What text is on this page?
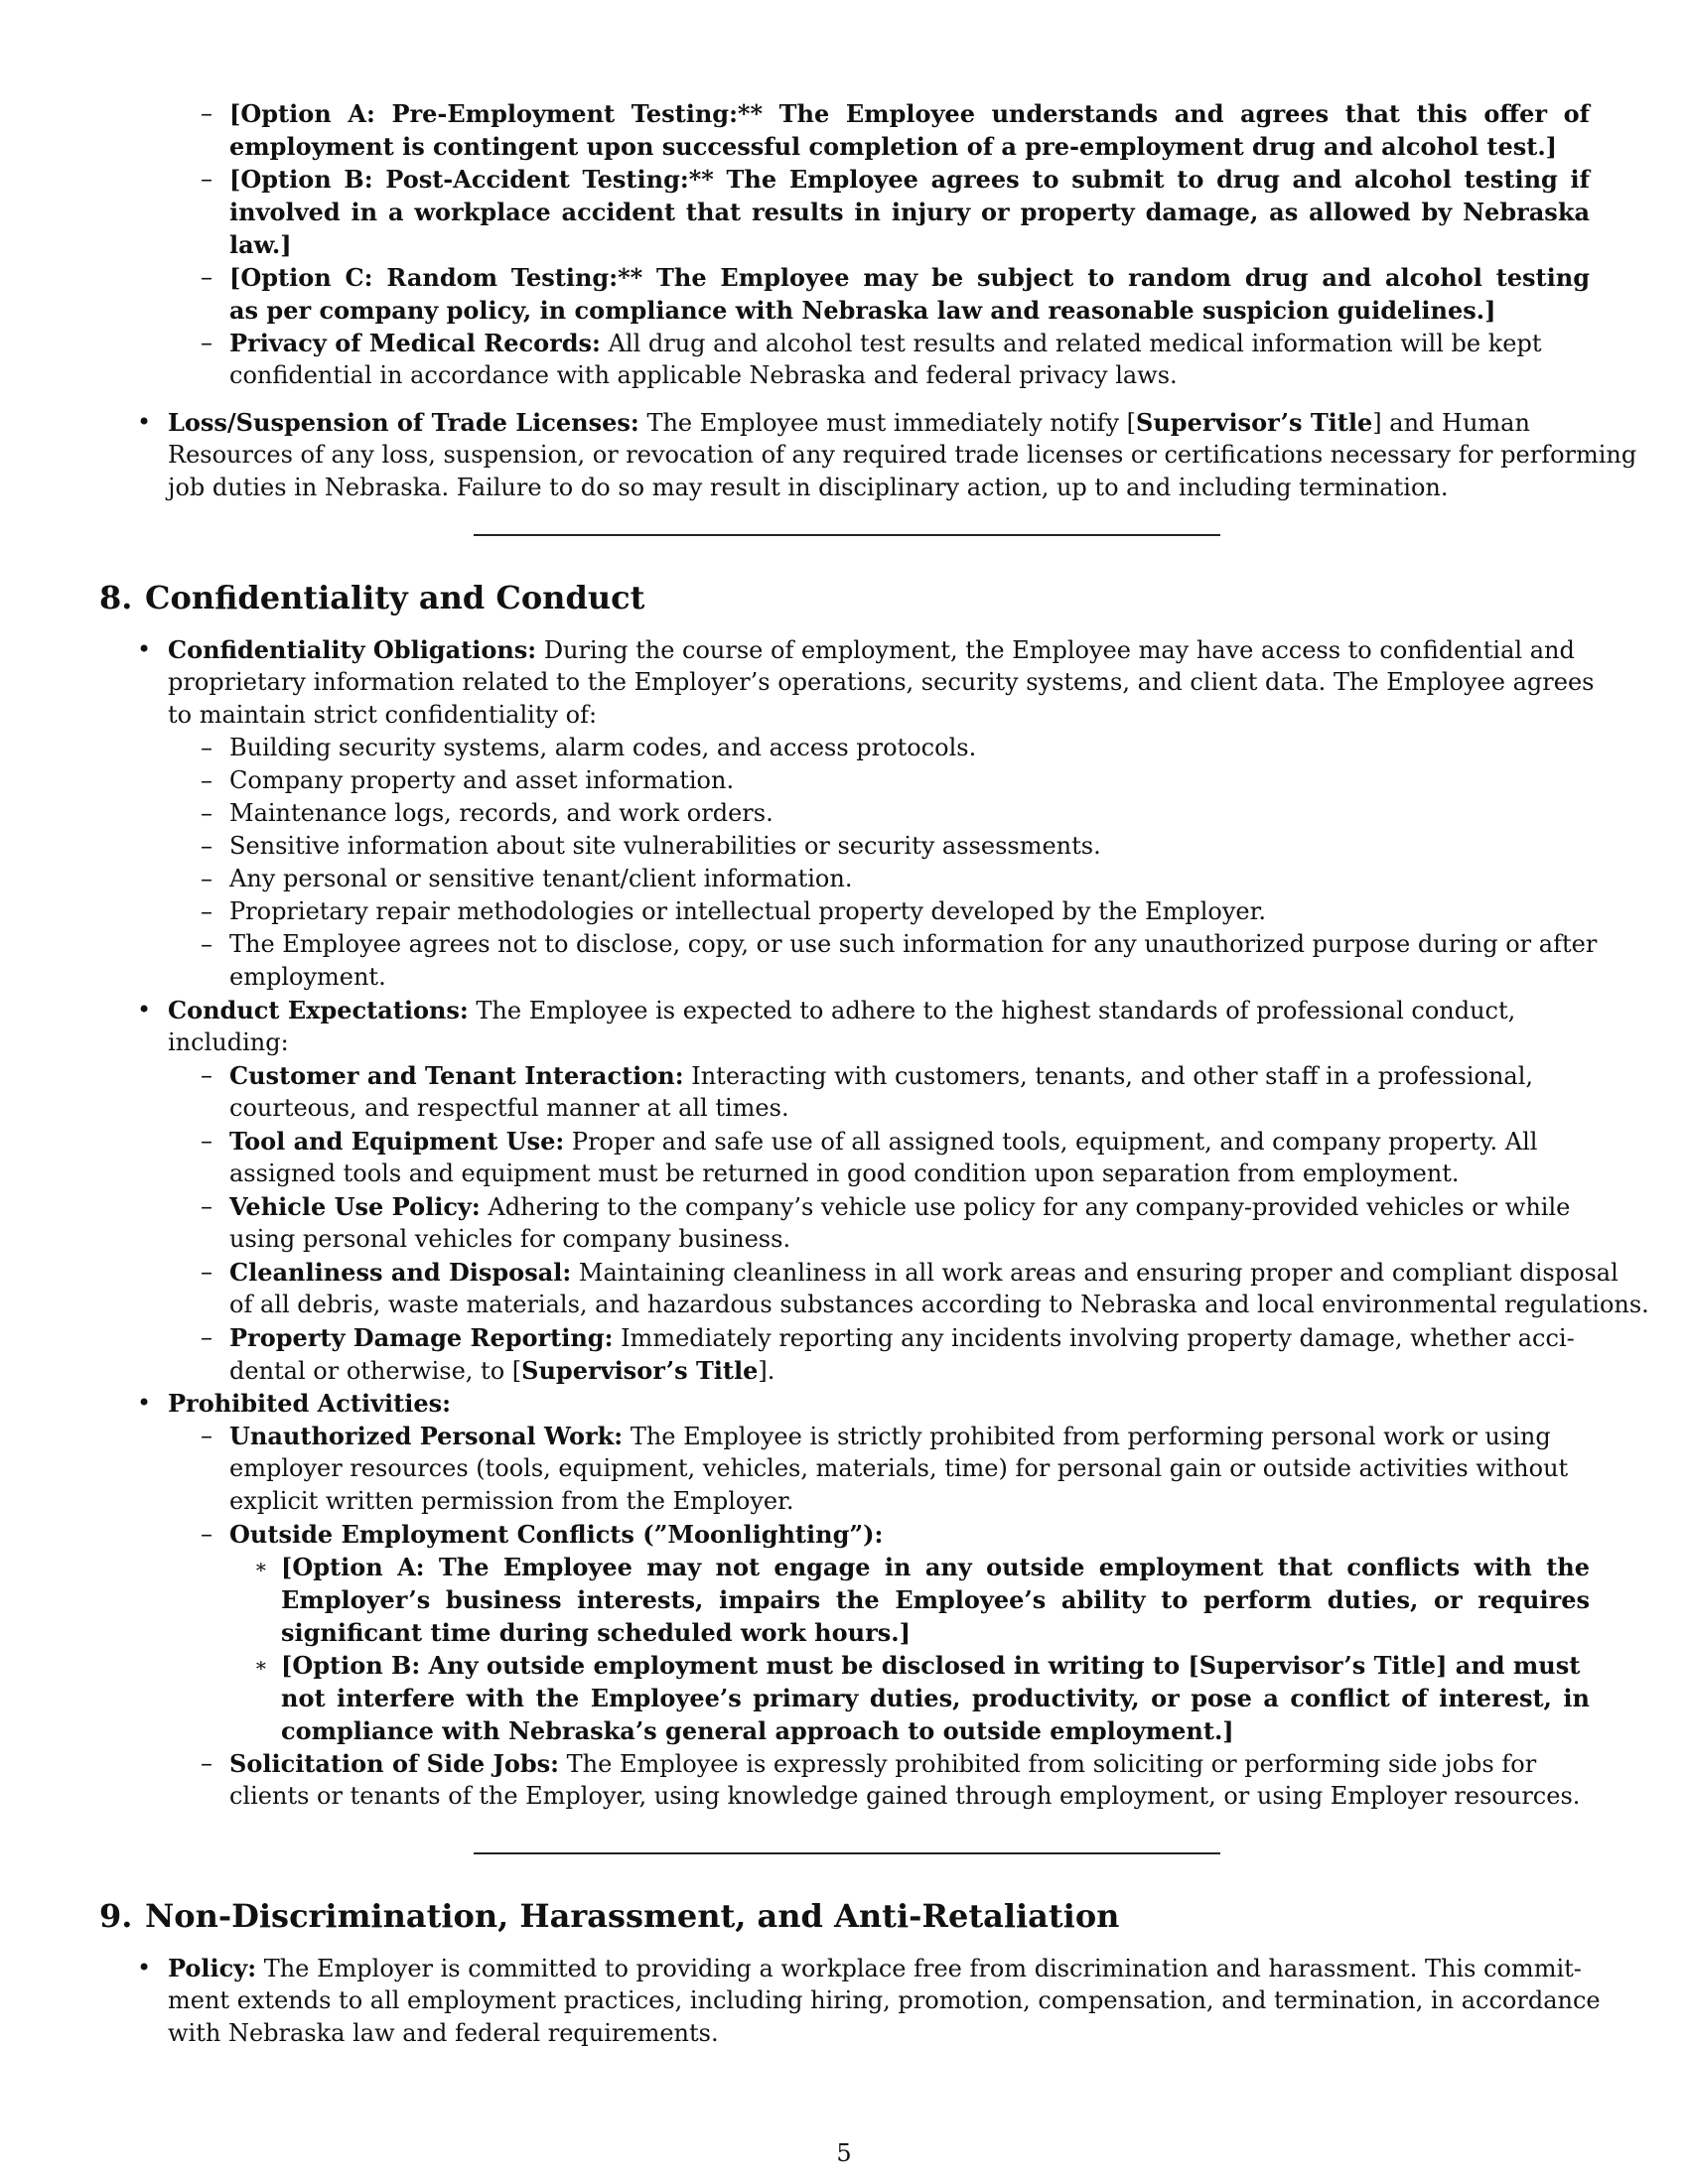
– [Option A: Pre-Employment Testing:** The Employee understands and agrees that this offer of
employment is contingent upon successful completion of a pre-employment drug and alcohol test.]
– [Option B: Post-Accident Testing:** The Employee agrees to submit to drug and alcohol testing if
involved in a workplace accident that results in injury or property damage, as allowed by Nebraska
law.]
– [Option C: Random Testing:** The Employee may be subject to random drug and alcohol testing
as per company policy, in compliance with Nebraska law and reasonable suspicion guidelines.]
– Privacy of Medical Records: All drug and alcohol test results and related medical information will be kept
confidential in accordance with applicable Nebraska and federal privacy laws.
• Loss/Suspension of Trade Licenses: The Employee must immediately notify [Supervisor’s Title] and Human
Resources of any loss, suspension, or revocation of any required trade licenses or certifications necessary for performing
job duties in Nebraska. Failure to do so may result in disciplinary action, up to and including termination.
8. Confidentiality and Conduct
• Confidentiality Obligations: During the course of employment, the Employee may have access to confidential and
proprietary information related to the Employer’s operations, security systems, and client data. The Employee agrees
to maintain strict confidentiality of:
– Building security systems, alarm codes, and access protocols.
– Company property and asset information.
– Maintenance logs, records, and work orders.
– Sensitive information about site vulnerabilities or security assessments.
– Any personal or sensitive tenant/client information.
– Proprietary repair methodologies or intellectual property developed by the Employer.
– The Employee agrees not to disclose, copy, or use such information for any unauthorized purpose during or after
employment.
• Conduct Expectations: The Employee is expected to adhere to the highest standards of professional conduct,
including:
– Customer and Tenant Interaction: Interacting with customers, tenants, and other staff in a professional,
courteous, and respectful manner at all times.
– Tool and Equipment Use: Proper and safe use of all assigned tools, equipment, and company property. All
assigned tools and equipment must be returned in good condition upon separation from employment.
– Vehicle Use Policy: Adhering to the company’s vehicle use policy for any company-provided vehicles or while
using personal vehicles for company business.
– Cleanliness and Disposal: Maintaining cleanliness in all work areas and ensuring proper and compliant disposal
of all debris, waste materials, and hazardous substances according to Nebraska and local environmental regulations.
– Property Damage Reporting: Immediately reporting any incidents involving property damage, whether acci-
dental or otherwise, to [Supervisor’s Title].
• Prohibited Activities:
– Unauthorized Personal Work: The Employee is strictly prohibited from performing personal work or using
employer resources (tools, equipment, vehicles, materials, time) for personal gain or outside activities without
explicit written permission from the Employer.
– Outside Employment Conflicts (”Moonlighting”):
∗ [Option A: The Employee may not engage in any outside employment that conflicts with the
Employer’s business interests, impairs the Employee’s ability to perform duties, or requires
significant time during scheduled work hours.]
∗ [Option B: Any outside employment must be disclosed in writing to [Supervisor’s Title] and must
not interfere with the Employee’s primary duties, productivity, or pose a conflict of interest, in
compliance with Nebraska’s general approach to outside employment.]
– Solicitation of Side Jobs: The Employee is expressly prohibited from soliciting or performing side jobs for
clients or tenants of the Employer, using knowledge gained through employment, or using Employer resources.
9. Non-Discrimination, Harassment, and Anti-Retaliation
• Policy: The Employer is committed to providing a workplace free from discrimination and harassment. This commit-
ment extends to all employment practices, including hiring, promotion, compensation, and termination, in accordance
with Nebraska law and federal requirements.
5
